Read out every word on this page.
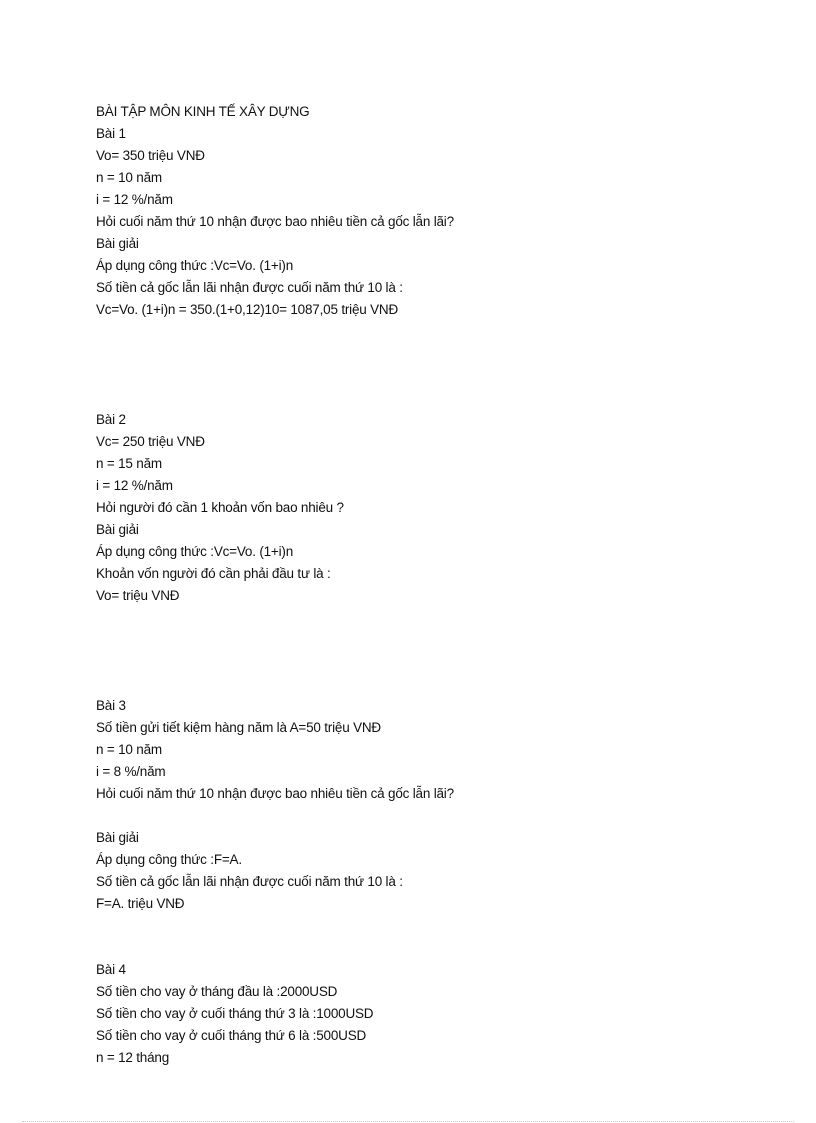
BÀI TẬP MÔN KINH TẾ XÂY DỰNG
Bài 1
Vo= 350 triệu VNĐ
n = 10 năm
i = 12 %/năm
Hỏi cuối năm thứ 10 nhận được bao nhiêu tiền cả gốc lẫn lãi?
Bài giải
Áp dụng công thức :Vc=Vo. (1+i)n
Số tiền cả gốc lẫn lãi nhận được cuối năm thứ 10 là :
Vc=Vo. (1+i)n = 350.(1+0,12)10= 1087,05 triệu VNĐ
Bài 2
Vc= 250 triệu VNĐ
n = 15 năm
i = 12 %/năm
Hỏi người đó cần 1 khoản vốn bao nhiêu ?
Bài giải
Áp dụng công thức :Vc=Vo. (1+i)n
Khoản vốn người đó cần phải đầu tư là :
Vo= triệu VNĐ
Bài 3
Số tiền gửi tiết kiệm hàng năm là A=50 triệu VNĐ
n = 10 năm
i = 8 %/năm
Hỏi cuối năm thứ 10 nhận được bao nhiêu tiền cả gốc lẫn lãi?
Bài giải
Áp dụng công thức :F=A.
Số tiền cả gốc lẫn lãi nhận được cuối năm thứ 10 là :
F=A. triệu VNĐ
Bài 4
Số tiền cho vay ở tháng đầu là :2000USD
Số tiền cho vay ở cuối tháng thứ 3 là :1000USD
Số tiền cho vay ở cuối tháng thứ 6 là :500USD
n = 12 tháng
